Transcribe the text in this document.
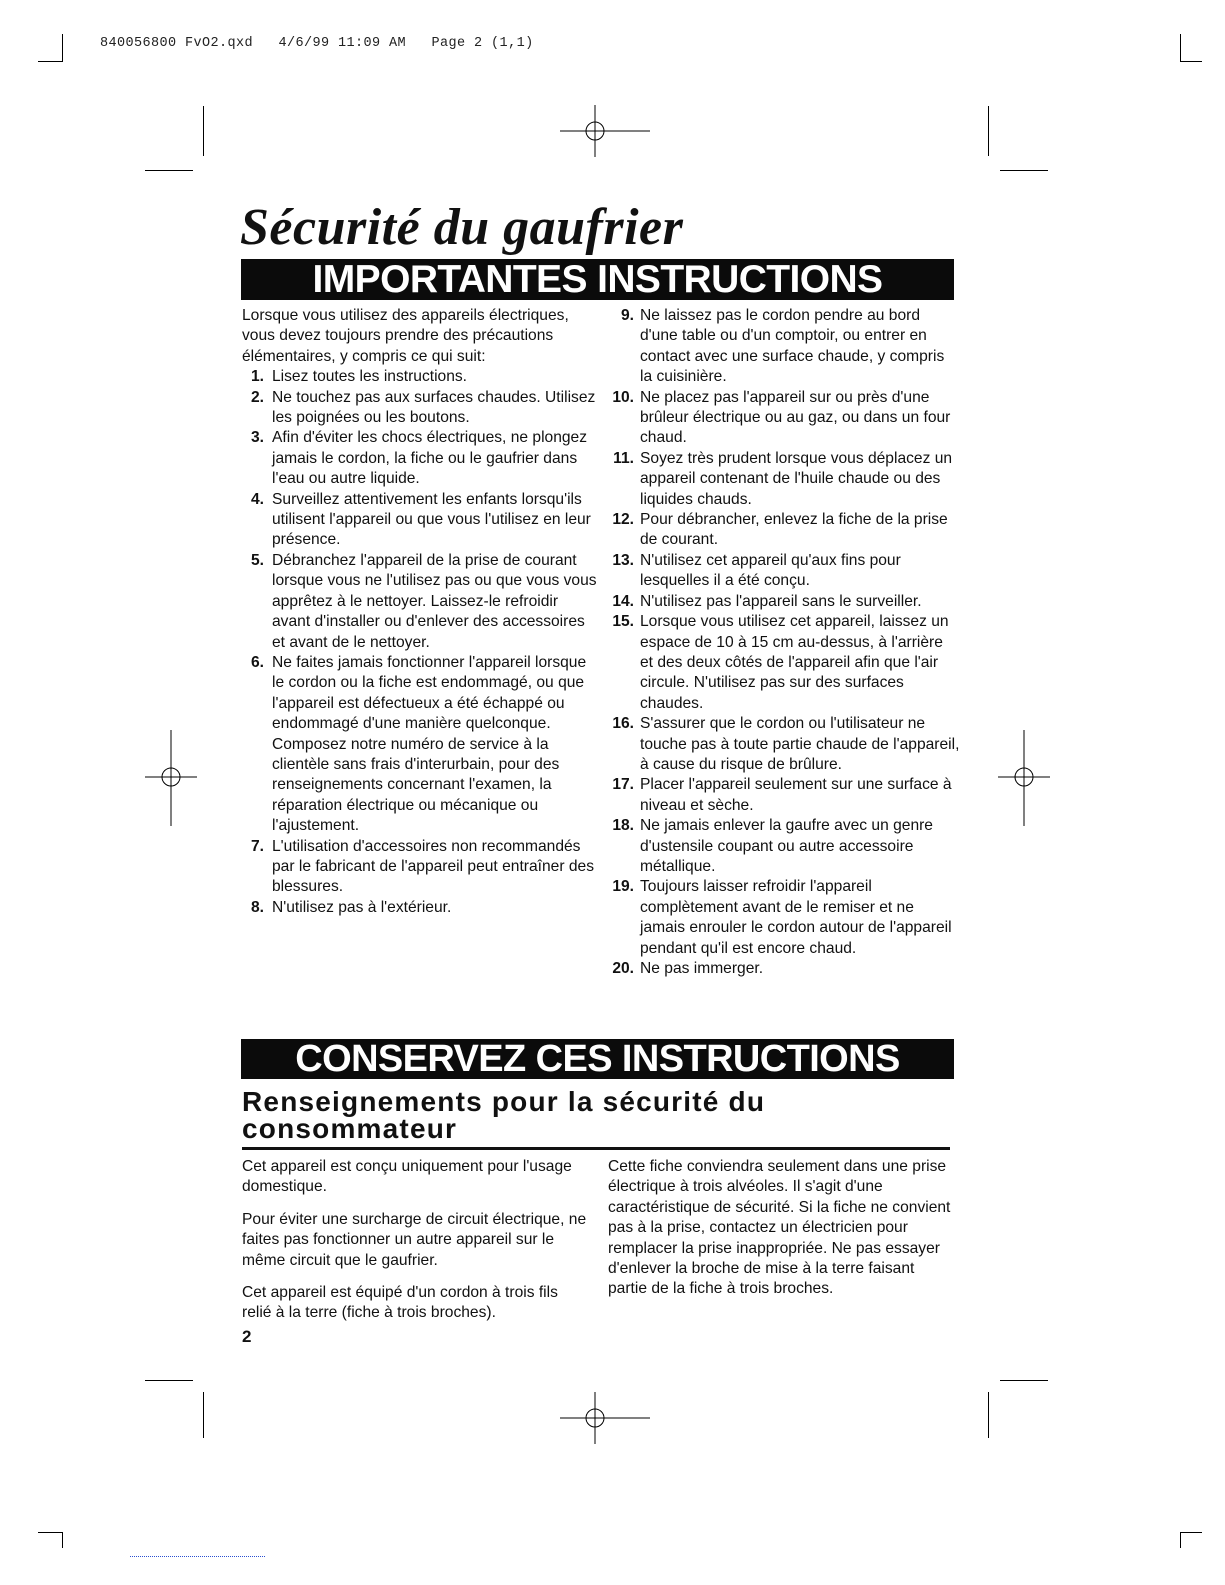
840056800 FvO2.qxd   4/6/99 11:09 AM   Page 2 (1,1)
Sécurité du gaufrier
IMPORTANTES INSTRUCTIONS

Lorsque vous utilisez des appareils électriques, vous devez toujours prendre des précautions élémentaires, y compris ce qui suit:

1. Lisez toutes les instructions.
2. Ne touchez pas aux surfaces chaudes. Utilisez les poignées ou les boutons.
3. Afin d'éviter les chocs électriques, ne plongez jamais le cordon, la fiche ou le gaufrier dans l'eau ou autre liquide.
4. Surveillez attentivement les enfants lorsqu'ils utilisent l'appareil ou que vous l'utilisez en leur présence.
5. Débranchez l'appareil de la prise de courant lorsque vous ne l'utilisez pas ou que vous vous apprêtez à le nettoyer. Laissez-le refroidir avant d'installer ou d'enlever des accessoires et avant de le nettoyer.
6. Ne faites jamais fonctionner l'appareil lorsque le cordon ou la fiche est endommagé, ou que l'appareil est défectueux a été échappé ou endommagé d'une manière quelconque. Composez notre numéro de service à la clientèle sans frais d'interurbain, pour des renseignements concernant l'examen, la réparation électrique ou mécanique ou l'ajustement.
7. L'utilisation d'accessoires non recommandés par le fabricant de l'appareil peut entraîner des blessures.
8. N'utilisez pas à l'extérieur.
9. Ne laissez pas le cordon pendre au bord d'une table ou d'un comptoir, ou entrer en contact avec une surface chaude, y compris la cuisinière.
10. Ne placez pas l'appareil sur ou près d'une brûleur électrique ou au gaz, ou dans un four chaud.
11. Soyez très prudent lorsque vous déplacez un appareil contenant de l'huile chaude ou des liquides chauds.
12. Pour débrancher, enlevez la fiche de la prise de courant.
13. N'utilisez cet appareil qu'aux fins pour lesquelles il a été conçu.
14. N'utilisez pas l'appareil sans le surveiller.
15. Lorsque vous utilisez cet appareil, laissez un espace de 10 à 15 cm au-dessus, à l'arrière et des deux côtés de l'appareil afin que l'air circule. N'utilisez pas sur des surfaces chaudes.
16. S'assurer que le cordon ou l'utilisateur ne touche pas à toute partie chaude de l'appareil, à cause du risque de brûlure.
17. Placer l'appareil seulement sur une surface à niveau et sèche.
18. Ne jamais enlever la gaufre avec un genre d'ustensile coupant ou autre accessoire métallique.
19. Toujours laisser refroidir l'appareil complètement avant de le remiser et ne jamais enrouler le cordon autour de l'appareil pendant qu'il est encore chaud.
20. Ne pas immerger.
CONSERVEZ CES INSTRUCTIONS
Renseignements pour la sécurité du consommateur

Cet appareil est conçu uniquement pour l'usage domestique.

Pour éviter une surcharge de circuit électrique, ne faites pas fonctionner un autre appareil sur le même circuit que le gaufrier.

Cet appareil est équipé d'un cordon à trois fils relié à la terre (fiche à trois broches).

Cette fiche conviendra seulement dans une prise électrique à trois alvéoles. Il s'agit d'une caractéristique de sécurité. Si la fiche ne convient pas à la prise, contactez un électricien pour remplacer la prise inappropriée. Ne pas essayer d'enlever la broche de mise à la terre faisant partie de la fiche à trois broches.

2
